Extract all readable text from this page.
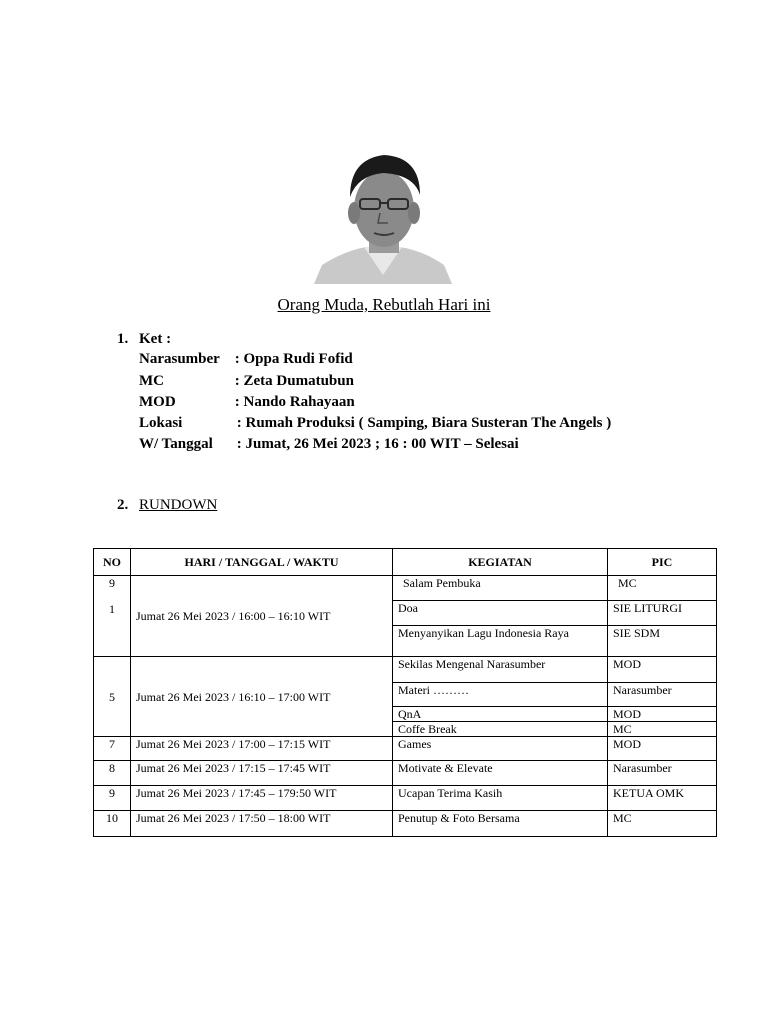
Orang Muda, Rebutlah Hari ini
1. Ket :
Narasumber : Oppa Rudi Fofid
MC	: Zeta Dumatubun
MOD	: Nando Rahayaan
Lokasi	: Rumah Produksi ( Samping, Biara Susteran The Angels )
W/ Tanggal : Jumat, 26 Mei 2023 ; 16 : 00 WIT – Selesai
2. RUNDOWN
NO	HARI / TANGGAL / WAKTU	KEGIATAN	PIC

9
1	Jumat 26 Mei 2023 / 16:00 – 16:10 WIT	Salam Pembuka	MC
		Doa	SIE LITURGI
		Menyanyikan Lagu Indonesia Raya	SIE SDM
5	Jumat 26 Mei 2023 / 16:10 – 17:00 WIT	Sekilas Mengenal Narasumber	MOD
		Materi ………	Narasumber
		QnA	MOD
		Coffe Break	MC
7	Jumat 26 Mei 2023 / 17:00 – 17:15 WIT	Games	MOD
8	Jumat 26 Mei 2023 / 17:15 – 17:45 WIT	Motivate & Elevate	Narasumber
9	Jumat 26 Mei 2023 / 17:45 – 179:50 WIT	Ucapan Terima Kasih	KETUA OMK
10	Jumat 26 Mei 2023 / 17:50 – 18:00 WIT	Penutup & Foto Bersama	MC
